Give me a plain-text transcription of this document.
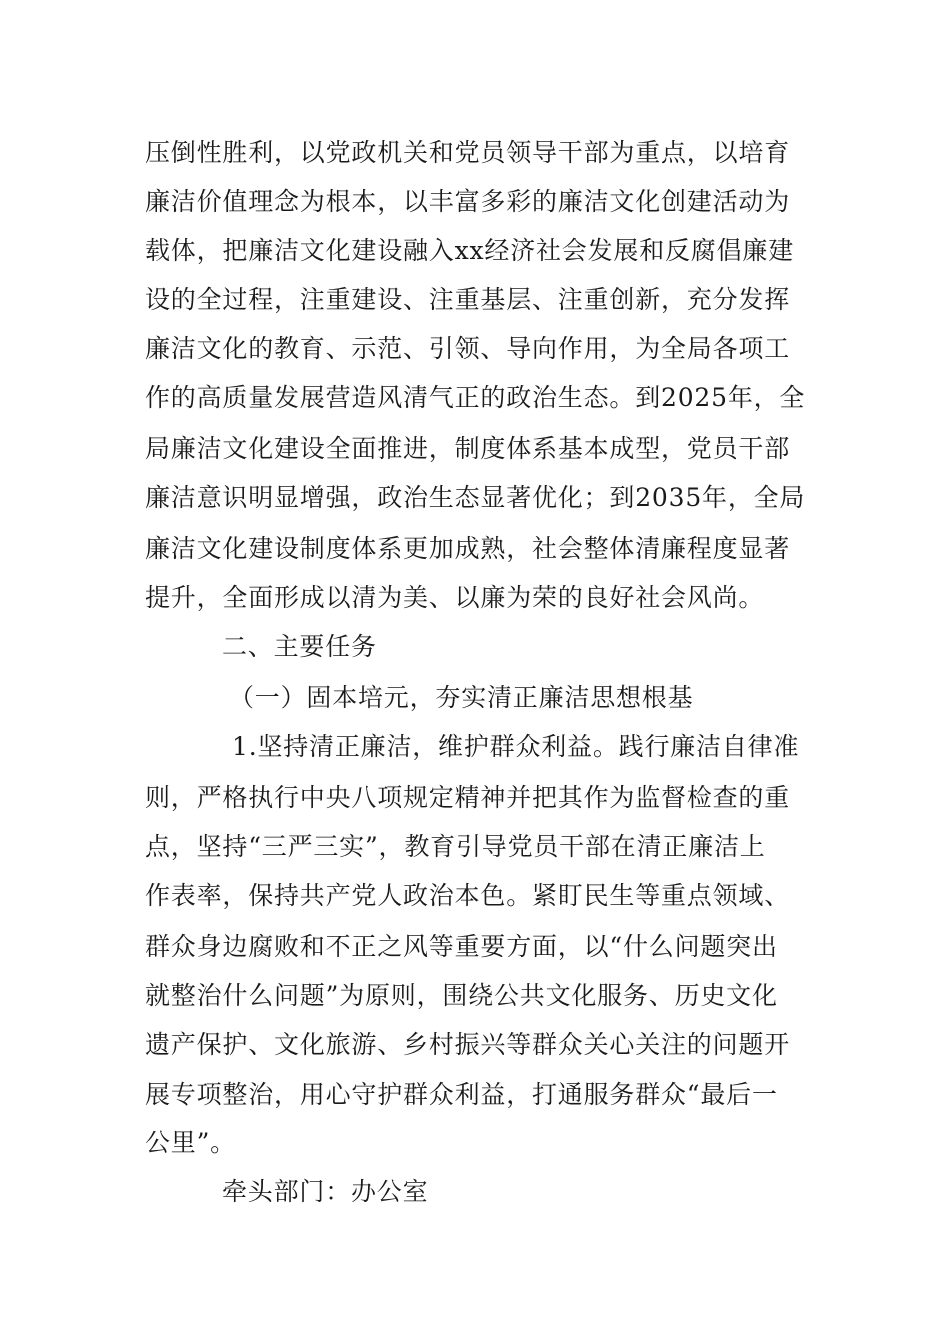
压倒性胜利，以党政机关和党员领导干部为重点，以培育
廉洁价值理念为根本，以丰富多彩的廉洁文化创建活动为
载体，把廉洁文化建设融入xx经济社会发展和反腐倡廉建
设的全过程，注重建设、注重基层、注重创新，充分发挥
廉洁文化的教育、示范、引领、导向作用，为全局各项工
作的高质量发展营造风清气正的政治生态。到2025年，全
局廉洁文化建设全面推进，制度体系基本成型，党员干部
廉洁意识明显增强，政治生态显著优化；到2035年，全局
廉洁文化建设制度体系更加成熟，社会整体清廉程度显著
提升，全面形成以清为美、以廉为荣的良好社会风尚。
二、主要任务
（一）固本培元，夯实清正廉洁思想根基
1.坚持清正廉洁，维护群众利益。践行廉洁自律准
则，严格执行中央八项规定精神并把其作为监督检查的重
点，坚持“三严三实”，教育引导党员干部在清正廉洁上
作表率，保持共产党人政治本色。紧盯民生等重点领域、
群众身边腐败和不正之风等重要方面，以“什么问题突出
就整治什么问题”为原则，围绕公共文化服务、历史文化
遗产保护、文化旅游、乡村振兴等群众关心关注的问题开
展专项整治，用心守护群众利益，打通服务群众“最后一
公里”。
牵头部门：办公室
